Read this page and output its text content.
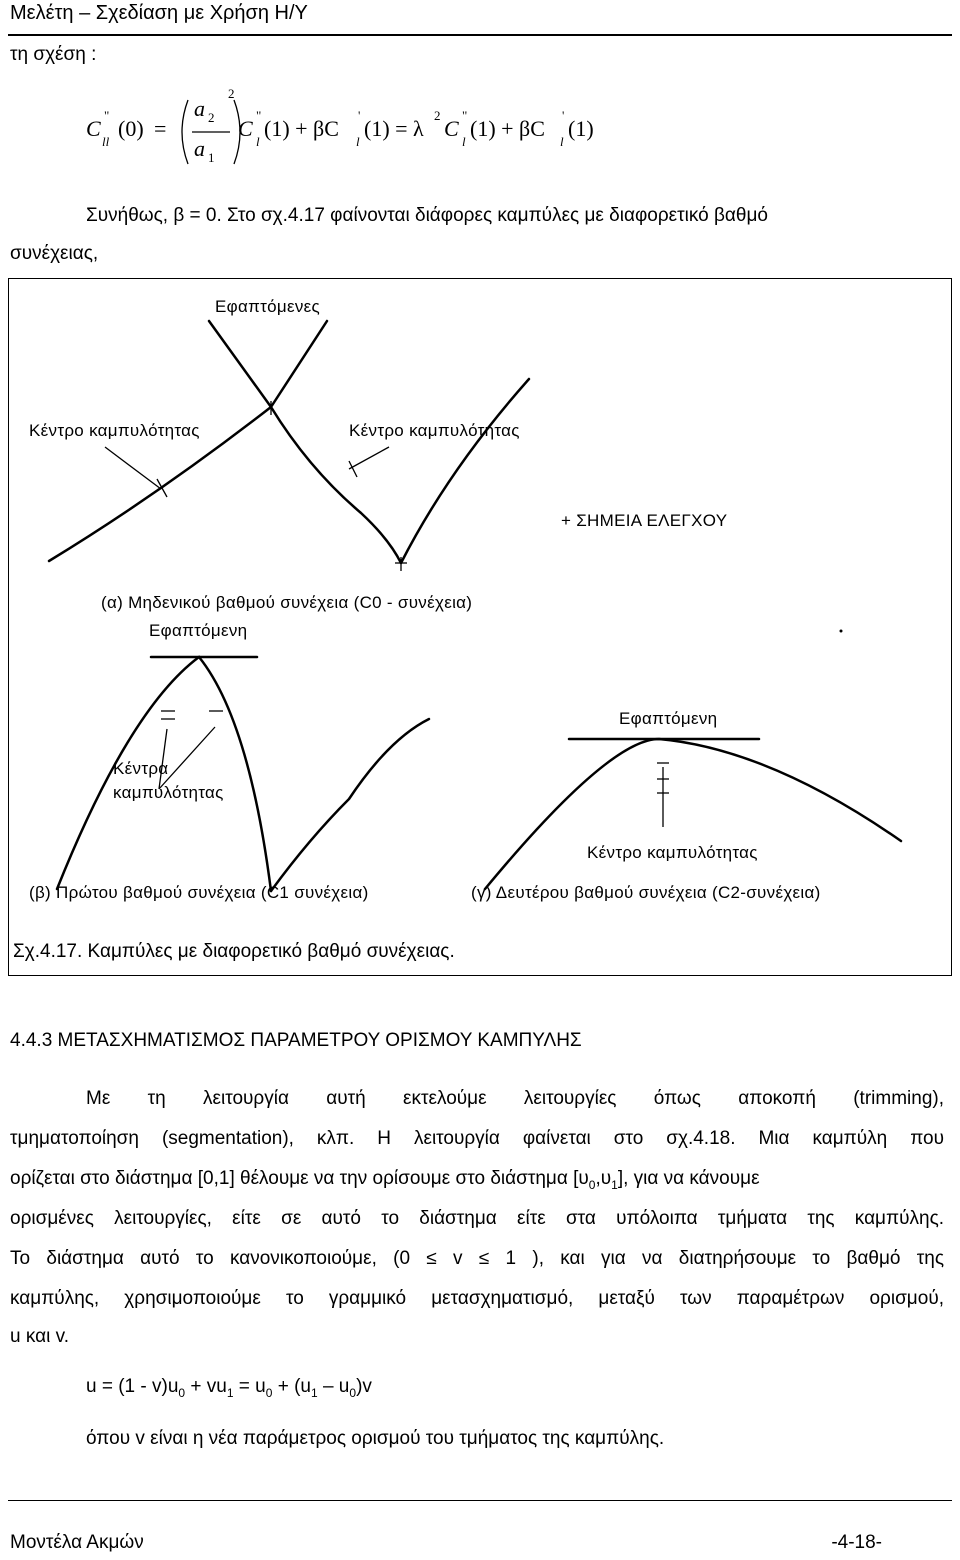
Μελέτη – Σχεδίαση με Χρήση Η/Υ
τη σχέση :
C
"
ll
(0) =
a 2
a 1
2
C
"
l
(1) + βC
'
l
(1) = λ
2
C
"
l
(1) + βC
'
l
(1)
Συνήθως, β = 0. Στο σχ.4.17 φαίνονται διάφορες καμπύλες με διαφορετικό βαθμό
συνέχειας,
Εφαπτόμενες
Κέντρο καμπυλότητας	Κέντρο καμπυλότητας
+ ΣΗΜΕΙΑ ΕΛΕΓΧΟΥ
(α) Μηδενικού βαθμού συνέχεια (C0 - συνέχεια)
Εφαπτόμενη
Κέντρα
καμπυλότητας
Εφαπτόμενη
Κέντρο καμπυλότητας
(β) Πρώτου βαθμού συνέχεια (C1 συνέχεια)	(γ) Δευτέρου βαθμού συνέχεια (C2-συνέχεια)
Σχ.4.17. Καμπύλες με διαφορετικό βαθμό συνέχειας.
4.4.3 ΜΕΤΑΣΧΗΜΑΤΙΣΜΟΣ ΠΑΡΑΜΕΤΡΟΥ ΟΡΙΣΜΟΥ ΚΑΜΠΥΛΗΣ
Με τη λειτουργία αυτή εκτελούμε λειτουργίες όπως αποκοπή (trimming),
τμηματοποίηση (segmentation), κλπ. Η λειτουργία φαίνεται στο σχ.4.18. Μια καμπύλη που
ορίζεται στο διάστημα [0,1] θέλουμε να την ορίσουμε στο διάστημα $[\upsilon_0,\upsilon_1]$, για να κάνουμε
ορισμένες λειτουργίες, είτε σε αυτό το διάστημα είτε στα υπόλοιπα τμήματα της καμπύλης.
Το διάστημα αυτό το κανονικοποιούμε, (0 ≤ v ≤ 1 ), και για να διατηρήσουμε το βαθμό της
καμπύλης, χρησιμοποιούμε το γραμμικό μετασχηματισμό, μεταξύ των παραμέτρων ορισμού,
u και v.
$u = (1 - v)u_0 + vu_1 = u_0 + (u_1 - u_0)v$
όπου v είναι η νέα παράμετρος ορισμού του τμήματος της καμπύλης.
Μοντέλα Ακμών	-4-18-
